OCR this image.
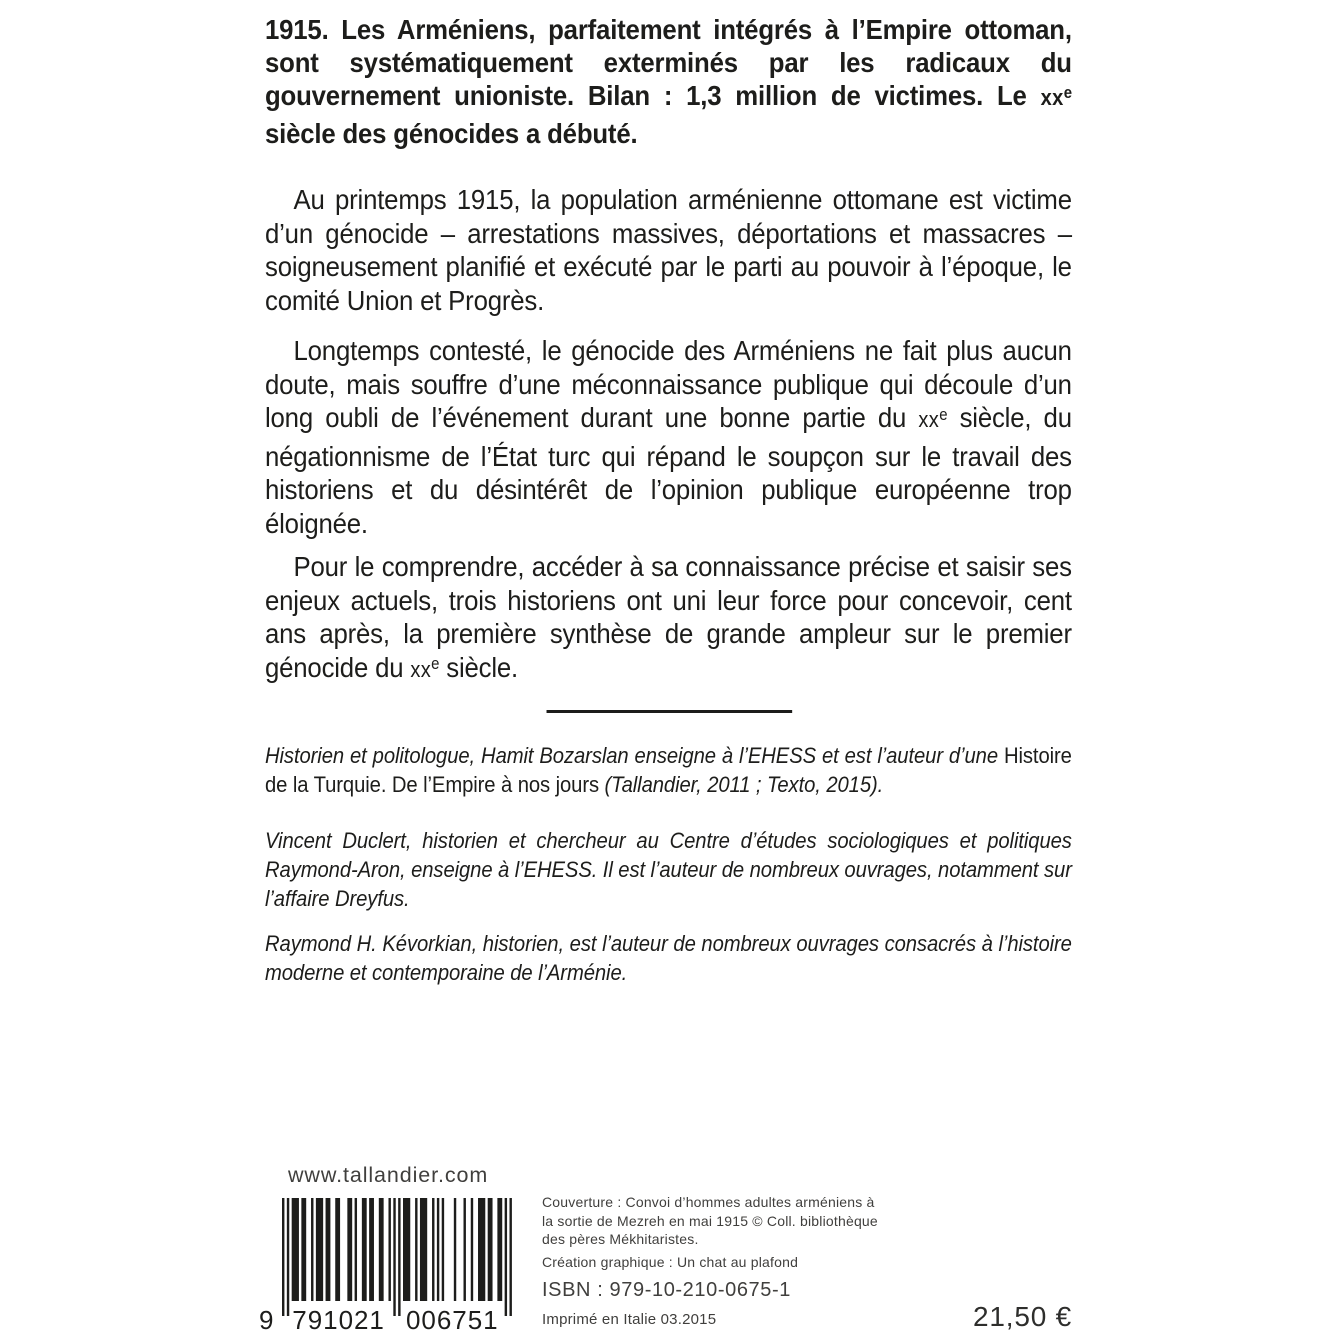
1915. Les Arméniens, parfaitement intégrés à l’Empire ottoman, sont systématiquement exterminés par les radicaux du gouvernement unioniste. Bilan : 1,3 million de victimes. Le $xx^e$ siècle des génocides a débuté.

Au printemps 1915, la population arménienne ottomane est victime d’un génocide – arrestations massives, déportations et massacres – soigneusement planifié et exécuté par le parti au pouvoir à l’époque, le comité Union et Progrès.

Longtemps contesté, le génocide des Arméniens ne fait plus aucun doute, mais souffre d’une méconnaissance publique qui découle d’un long oubli de l’événement durant une bonne partie du $xx^e$ siècle, du négationnisme de l’État turc qui répand le soupçon sur le travail des historiens et du désintérêt de l’opinion publique européenne trop éloignée.

Pour le comprendre, accéder à sa connaissance précise et saisir ses enjeux actuels, trois historiens ont uni leur force pour concevoir, cent ans après, la première synthèse de grande ampleur sur le premier génocide du $xx^e$ siècle.

Historien et politologue, Hamit Bozarslan enseigne à l’EHESS et est l’auteur d’une Histoire de la Turquie. De l’Empire à nos jours (Tallandier, 2011 ; Texto, 2015).

Vincent Duclert, historien et chercheur au Centre d’études sociologiques et politiques Raymond-Aron, enseigne à l’EHESS. Il est l’auteur de nombreux ouvrages, notamment sur l’affaire Dreyfus.

Raymond H. Kévorkian, historien, est l’auteur de nombreux ouvrages consacrés à l’histoire moderne et contemporaine de l’Arménie.

www.tallandier.com

9 791021 006751

Couverture : Convoi d’hommes adultes arméniens à la sortie de Mezreh en mai 1915 © Coll. bibliothèque des pères Mékhitaristes.

Création graphique : Un chat au plafond

ISBN : 979-10-210-0675-1

Imprimé en Italie 03.2015	21,50 €
